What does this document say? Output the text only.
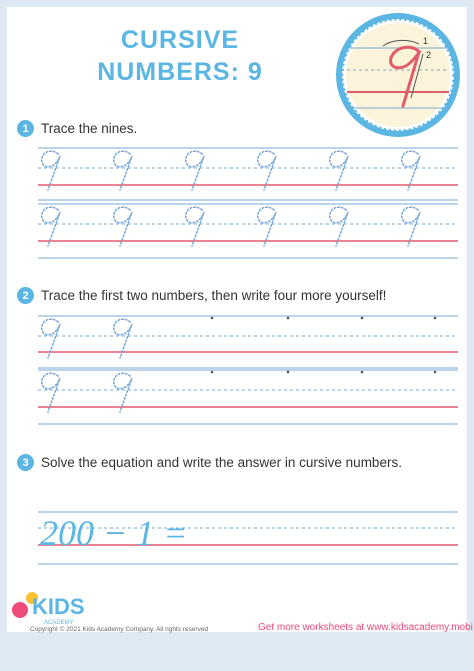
CURSIVE
NUMBERS: 9
1
2
1 Trace the nines.
2 Trace the first two numbers, then write four more yourself!
3 Solve the equation and write the answer in cursive numbers.
200 − 1 =
KIDS
ACADEMY
Copyright © 2021 Kids Academy Company. All rights reserved	Get more worksheets at www.kidsacademy.mobi
